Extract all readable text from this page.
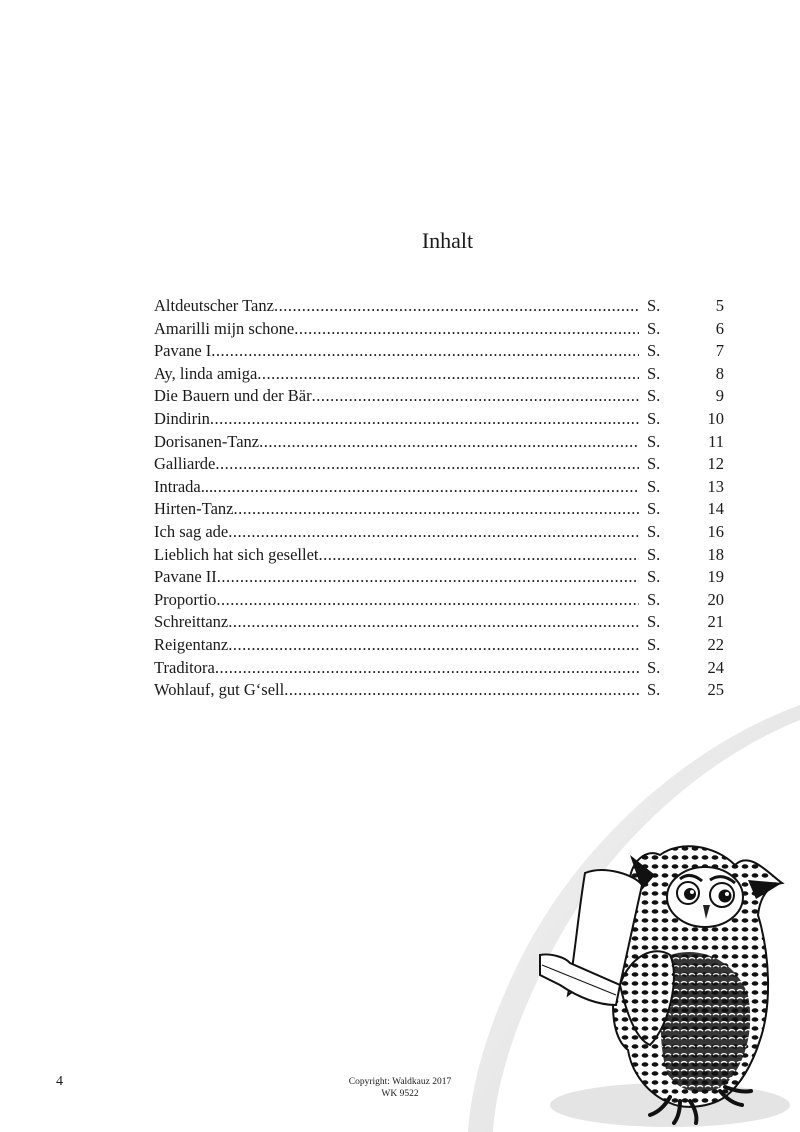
Inhalt
Altdeutscher Tanz .....	S.	5
Amarilli mijn schone .....	S.	6
Pavane I .....	S.	7
Ay, linda amiga .....	S.	8
Die Bauern und der Bär .....	S.	9
Dindirin .....	S.	10
Dorisanen-Tanz .....	S.	11
Galliarde .....	S.	12
Intrada... .....	S.	13
Hirten-Tanz .....	S.	14
Ich sag ade .....	S.	16
Lieblich hat sich gesellet .....	S.	18
Pavane II .....	S.	19
Proportio .....	S.	20
Schreittanz .....	S.	21
Reigentanz .....	S.	22
Traditora .....	S.	24
Wohlauf, gut G‘sell .....	S.	25
4	Copyright: Waldkauz 2017
WK 9522
